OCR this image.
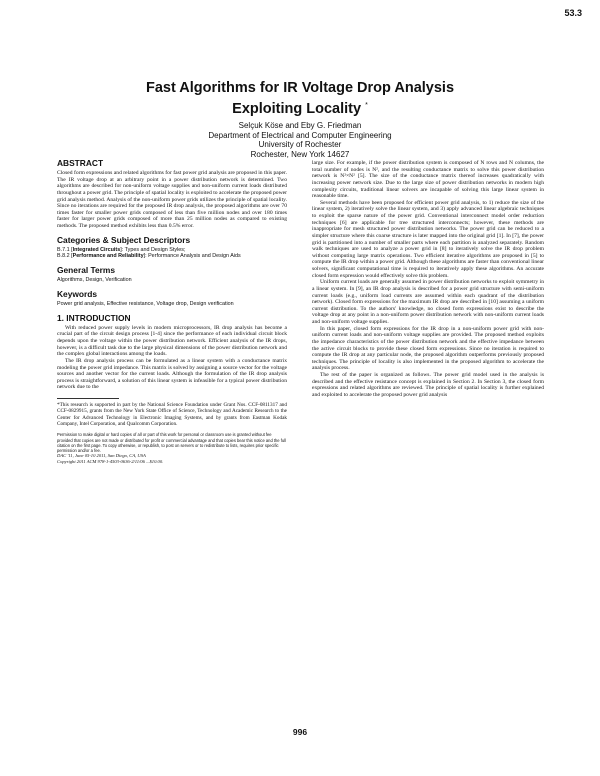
53.3
Fast Algorithms for IR Voltage Drop Analysis
Exploiting Locality *
Selçuk Köse and Eby G. Friedman
Department of Electrical and Computer Engineering
University of Rochester
Rochester, New York 14627
ABSTRACT

Closed form expressions and related algorithms for fast power grid analysis are proposed in this paper. The IR voltage drop at an arbitrary point in a power distribution network is determined. Two algorithms are described for non-uniform voltage supplies and non-uniform current loads distributed throughout a power grid. The principle of spatial locality is exploited to accelerate the proposed power grid analysis method. Analysis of the non-uniform power grids utilizes the principle of spatial locality. Since no iterations are required for the proposed IR drop analysis, the proposed algorithms are over 70 times faster for smaller power grids composed of less than five million nodes and over 180 times faster for larger power grids composed of more than 25 million nodes as compared to existing methods. The proposed method exhibits less than 0.5% error.

Categories & Subject Descriptors

B.7.1 [Integrated Circuits]: Types and Design Styles;

B.8.2 [Performance and Reliability]: Performance Analysis and Design Aids

General Terms

Algorithms, Design, Verification

Keywords

Power grid analysis, Effective resistance, Voltage drop, Design verification

1. INTRODUCTION

With reduced power supply levels in modern microprocessors, IR drop analysis has become a crucial part of the circuit design process [1-4] since the performance of each individual circuit block depends upon the voltage within the power distribution network. Efficient analysis of the IR drops, however, is a difficult task due to the large physical dimensions of the power distribution network and the complex global interactions among the loads.

The IR drop analysis process can be formulated as a linear system with a conductance matrix modeling the power grid impedance. This matrix is solved by assigning a source vector for the voltage sources and another vector for the current loads. Although the formulation of the IR drop analysis process is straightforward, a solution of this linear system is infeasible for a typical power distribution network due to the

*This research is supported in part by the National Science Foundation under Grant Nos. CCF-0811317 and CCF-0829915, grants from the New York State Office of Science, Technology and Academic Research to the Center for Advanced Technology in Electronic Imaging Systems, and by grants from Eastman Kodak Company, Intel Corporation, and Qualcomm Corporation.

Permission to make digital or hard copies of all or part of this work for personal or classroom use is granted without fee provided that copies are not made or distributed for profit or commercial advantage and that copies bear this notice and the full citation on the first page. To copy otherwise, or republish, to post on servers or to redistribute to lists, requires prior specific permission and/or a fee.

DAC '11, June 05-10 2011, San Diego, CA, USA

Copyright 2011 ACM 978-1-4503-0636-2/11/06 ...$10.00.

large size. For example, if the power distribution system is composed of N rows and N columns, the total number of nodes is N², and the resulting conductance matrix to solve this power distribution network is N²×N² [5]. The size of the conductance matrix thereof increases quadratically with increasing power network size. Due to the large size of power distribution networks in modern high complexity circuits, traditional linear solvers are incapable of solving this large linear system in reasonable time.

Several methods have been proposed for efficient power grid analysis, to 1) reduce the size of the linear system, 2) iteratively solve the linear system, and 3) apply advanced linear algebraic techniques to exploit the sparse nature of the power grid. Conventional interconnect model order reduction techniques [6] are applicable for tree structured interconnects; however, these methods are inappropriate for mesh structured power distribution networks. The power grid can be reduced to a simpler structure where this coarse structure is later mapped into the original grid [1]. In [7], the power grid is partitioned into a number of smaller parts where each partition is analyzed separately. Random walk techniques are used to analyze a power grid in [8] to iteratively solve the IR drop problem without computing large matrix operations. Two efficient iterative algorithms are proposed in [5] to compute the IR drop within a power grid. Although these algorithms are faster than conventional linear solvers, significant computational time is required to iteratively apply these algorithms. An accurate closed form expression would effectively solve this problem.

Uniform current loads are generally assumed in power distribution networks to exploit symmetry in a linear system. In [9], an IR drop analysis is described for a power grid structure with semi-uniform current loads (e.g., uniform load currents are assumed within each quadrant of the distribution network). Closed form expressions for the maximum IR drop are described in [10] assuming a uniform current distribution. To the authors' knowledge, no closed form expressions exist to describe the voltage drop at any point in a non-uniform power distribution network with non-uniform current loads and non-uniform voltage supplies.

In this paper, closed form expressions for the IR drop in a non-uniform power grid with non-uniform current loads and non-uniform voltage supplies are provided. The proposed method exploits the impedance characteristics of the power distribution network and the effective impedance between the active circuit blocks to provide these closed form expressions. Since no iteration is required to compute the IR drop at any particular node, the proposed algorithm outperforms previously proposed techniques. The principle of locality is also implemented in the proposed algorithm to accelerate the analysis process.

The rest of the paper is organized as follows. The power grid model used in the analysis is described and the effective resistance concept is explained in Section 2. In Section 3, the closed form expressions and related algorithms are reviewed. The principle of spatial locality is further explained and exploited to accelerate the proposed power grid analysis

996
